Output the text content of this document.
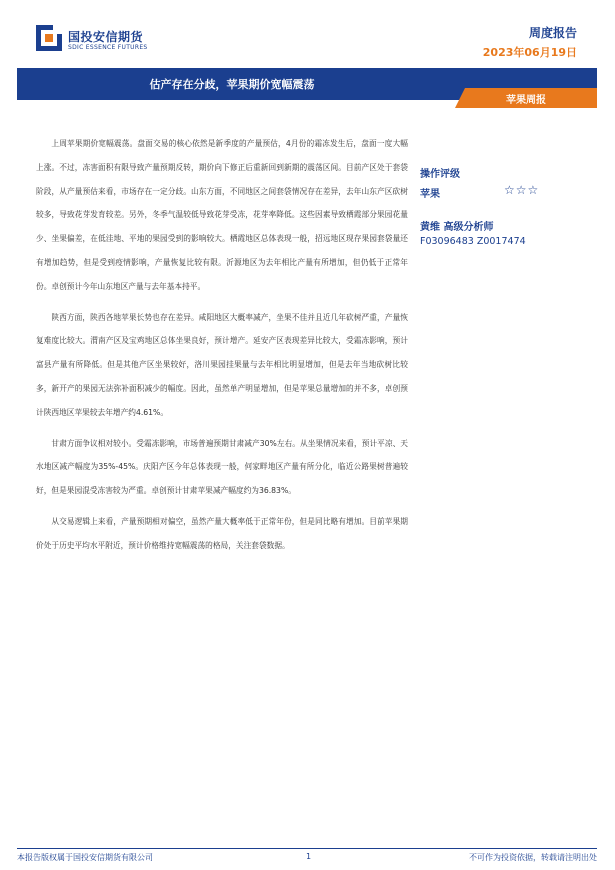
国投安信期货
SDIC ESSENCE FUTURES
周度报告
2023年06月19日
估产存在分歧，苹果期价宽幅震荡
苹果周报

上周苹果期价宽幅震荡。盘面交易的核心依然是新季度的产量预估，4月份的霜冻发生后，盘面一度大幅上涨。不过，冻害面积有限导致产量预期反转，期价向下修正后重新回到新期的震荡区间。目前产区处于套袋阶段，从产量预估来看，市场存在一定分歧。山东方面，不同地区之间套袋情况存在差异，去年山东产区砍树较多，导致花芽发育较差。另外，冬季气温较低导致花芽受冻，花芽率降低。这些因素导致栖霞部分果园花量少、坐果偏差，在低洼地、平地的果园受到的影响较大。栖霞地区总体表现一般，招远地区现存果园套袋量还有增加趋势，但是受到疫情影响，产量恢复比较有限。沂源地区为去年相比产量有所增加，但仍低于正常年份。卓创预计今年山东地区产量与去年基本持平。

陕西方面，陕西各地苹果长势也存在差异。咸阳地区大概率减产，坐果不佳并且近几年砍树严重，产量恢复难度比较大。渭南产区及宝鸡地区总体坐果良好，预计增产。延安产区表现差异比较大，受霜冻影响，预计富县产量有所降低。但是其他产区坐果较好，洛川果园挂果量与去年相比明显增加，但是去年当地砍树比较多，新开产的果园无法弥补面积减少的幅度。因此，虽然单产明显增加，但是苹果总量增加的并不多，卓创预计陕西地区苹果较去年增产约4.61%。

甘肃方面争议相对较小。受霜冻影响，市场普遍预期甘肃减产30%左右。从坐果情况来看，预计平凉、天水地区减产幅度为35%-45%。庆阳产区今年总体表现一般，何家畔地区产量有所分化，临近公路果树普遍较好，但是果园混受冻害较为严重。卓创预计甘肃苹果减产幅度约为36.83%。

从交易逻辑上来看，产量预期相对偏空，虽然产量大概率低于正常年份，但是同比略有增加。目前苹果期价处于历史平均水平附近，预计价格维持宽幅震荡的格局，关注套袋数据。

操作评级
苹果	☆☆☆
黄维 高级分析师
F03096483 Z0017474
本报告版权属于国投安信期货有限公司	1	不可作为投资依据，转载请注明出处
